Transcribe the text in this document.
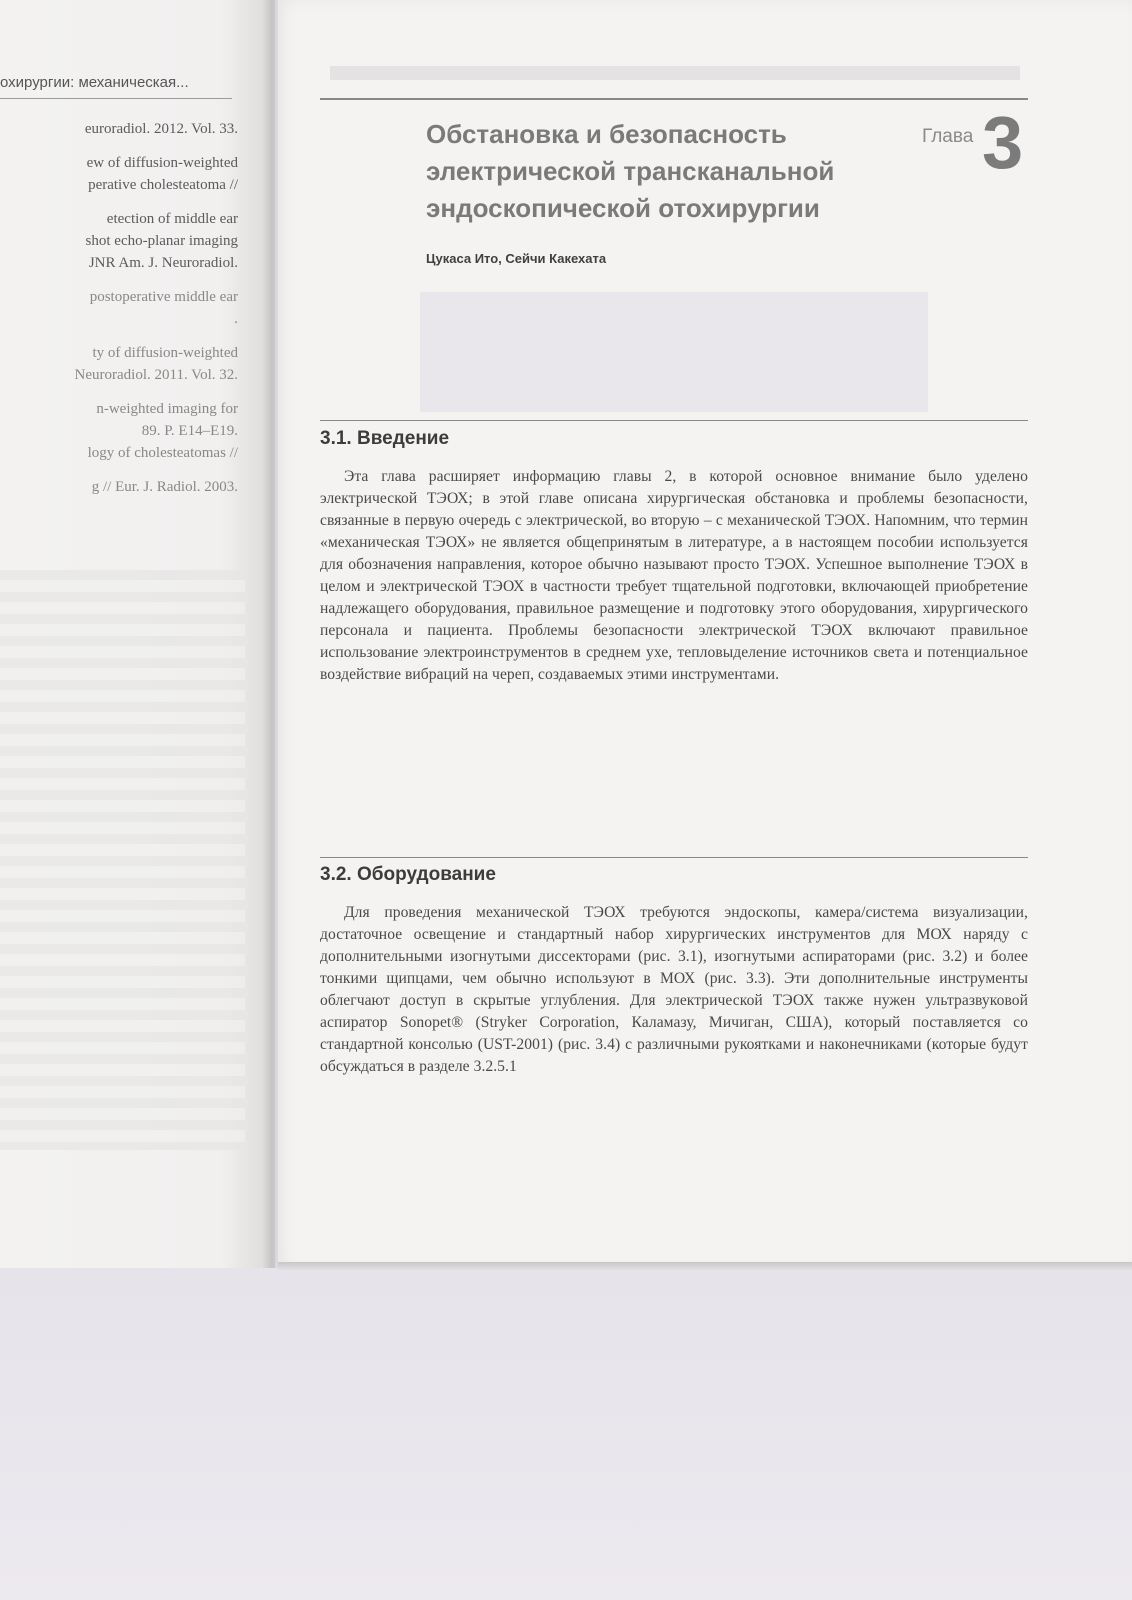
охирургии: механическая...

euroradiol. 2012. Vol. 33.

ew of diffusion-weighted
perative cholesteatoma //

etection of middle ear
shot echo-planar imaging
JNR Am. J. Neuroradiol.

postoperative middle ear
.

ty of diffusion-weighted
Neuroradiol. 2011. Vol. 32.

n-weighted imaging for
89. P. E14–E19.
logy of cholesteatomas //

g // Eur. J. Radiol. 2003.

Обстановка и безопасность
электрической трансканальной
эндоскопической отохирургии
Глава 3
Цукаса Ито, Сейчи Какехата
3.1. Введение

Эта глава расширяет информацию главы 2, в которой основное внимание было уделено электрической ТЭОХ; в этой главе описана хирургическая обстановка и проблемы безопасности, связанные в первую очередь с электрической, во вторую – с механической ТЭОХ. Напомним, что термин «механическая ТЭОХ» не является общепринятым в литературе, а в настоящем пособии используется для обозначения направления, которое обычно называют просто ТЭОХ. Успешное выполнение ТЭОХ в целом и электрической ТЭОХ в частности требует тщательной подготовки, включающей приобретение надлежащего оборудования, правильное размещение и подготовку этого оборудования, хирургического персонала и пациента. Проблемы безопасности электрической ТЭОХ включают правильное использование электроинструментов в среднем ухе, тепловыделение источников света и потенциальное воздействие вибраций на череп, создаваемых этими инструментами.

3.2. Оборудование

Для проведения механической ТЭОХ требуются эндоскопы, камера/система визуализации, достаточное освещение и стандартный набор хирургических инструментов для МОХ наряду с дополнительными изогнутыми диссекторами (рис. 3.1), изогнутыми аспираторами (рис. 3.2) и более тонкими щипцами, чем обычно используют в МОХ (рис. 3.3). Эти дополнительные инструменты облегчают доступ в скрытые углубления. Для электрической ТЭОХ также нужен ультразвуковой аспиратор Sonopet® (Stryker Corporation, Каламазу, Мичиган, США), который поставляется со стандартной консолью (UST-2001) (рис. 3.4) с различными рукоятками и наконечниками (которые будут обсуждаться в разделе 3.2.5.1
